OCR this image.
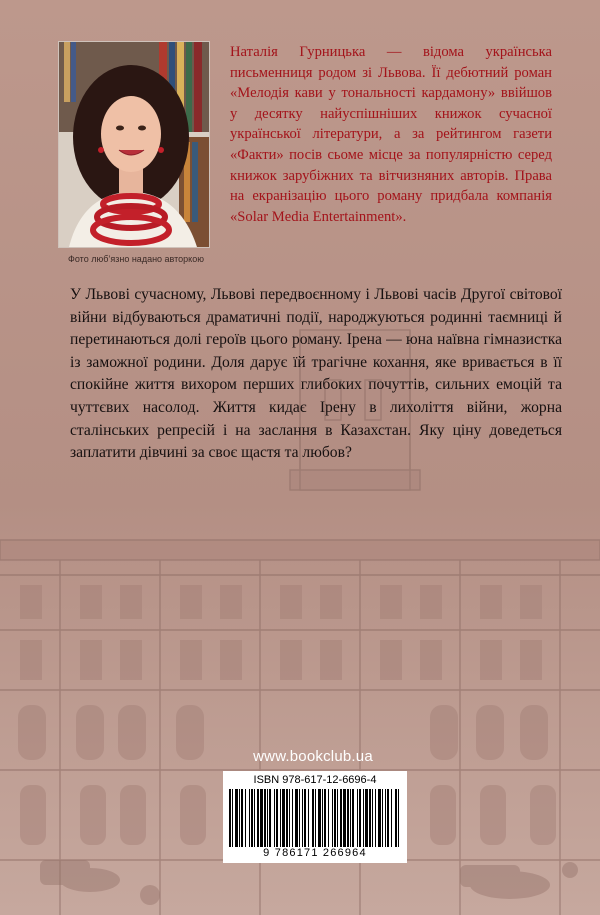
Фото люб’язно надано авторкою
Наталія Гурницька — відома українська письменниця родом зі Львова. Її дебютний роман «Мелодія кави у тональності кардамону» ввійшов у десятку найуспішніших книжок сучасної української літератури, а за рейтингом газети «Факти» посів сьоме місце за популярністю серед книжок зарубіжних та вітчизняних авторів. Права на екранізацію цього роману придбала компанія «Solar Media Entertainment».
У Львові сучасному, Львові передвоєнному і Львові часів Другої світової війни відбуваються драматичні події, народжуються родинні таємниці й перетинаються долі героїв цього роману. Ірена — юна наївна гімназистка із заможної родини. Доля дарує їй трагічне кохання, яке вривається в її спокійне життя вихором перших глибоких почуттів, сильних емоцій та чуттєвих насолод. Життя кидає Ірену в лихоліття війни, жорна сталінських репресій і на заслання в Казахстан. Яку ціну доведеться заплатити дівчині за своє щастя та любов?
www.bookclub.ua
ISBN 978-617-12-6696-4
9 786171 266964
